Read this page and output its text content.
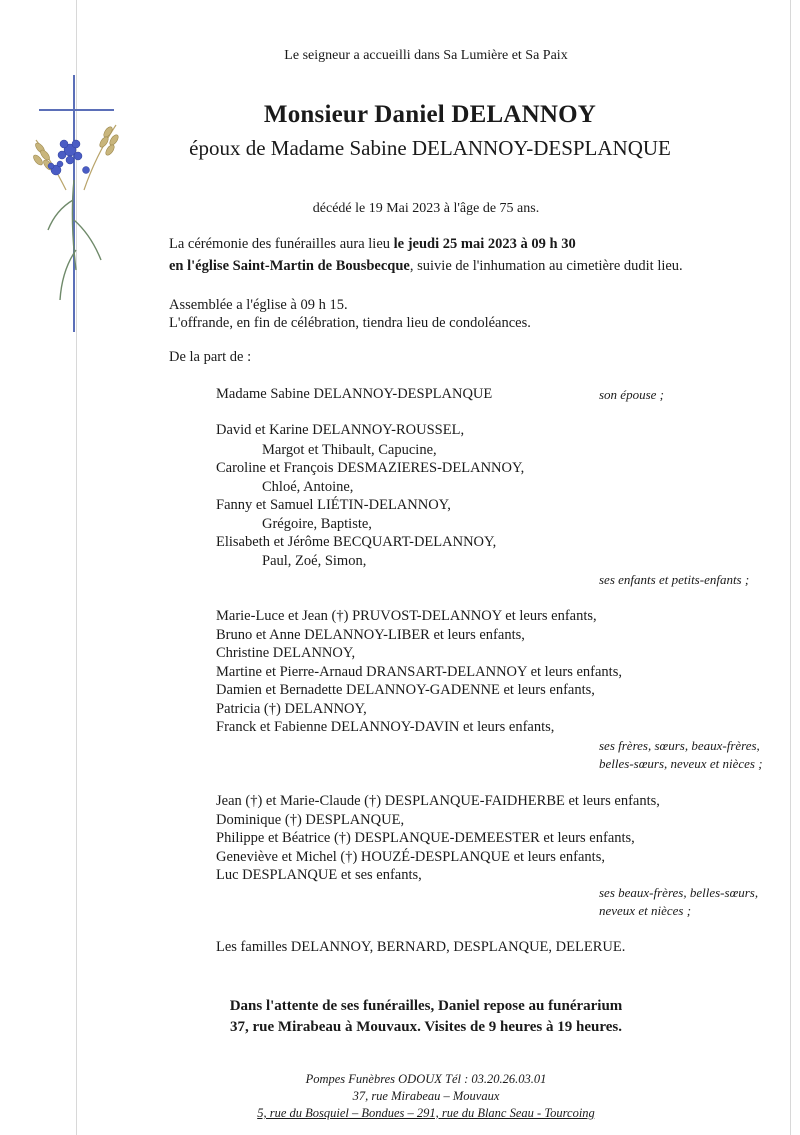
Le seigneur a accueilli dans Sa Lumière et Sa Paix
Monsieur Daniel DELANNOY
époux de Madame Sabine DELANNOY-DESPLANQUE
décédé le 19 Mai 2023 à l'âge de 75 ans.
La cérémonie des funérailles aura lieu le jeudi 25 mai 2023 à 09 h 30
en l'église Saint-Martin de Bousbecque, suivie de l'inhumation au cimetière dudit lieu.
Assemblée a l'église à 09 h 15.
L'offrande, en fin de célébration, tiendra lieu de condoléances.
De la part de :
Madame Sabine DELANNOY-DESPLANQUE	son épouse ;
David et Karine DELANNOY-ROUSSEL,
Margot et Thibault, Capucine,
Caroline et François DESMAZIERES-DELANNOY,
Chloé, Antoine,
Fanny et Samuel LIÉTIN-DELANNOY,
Grégoire, Baptiste,
Elisabeth et Jérôme BECQUART-DELANNOY,
Paul, Zoé, Simon,
ses enfants et petits-enfants ;
Marie-Luce et Jean (†) PRUVOST-DELANNOY et leurs enfants,
Bruno et Anne DELANNOY-LIBER et leurs enfants,
Christine DELANNOY,
Martine et Pierre-Arnaud DRANSART-DELANNOY et leurs enfants,
Damien et Bernadette DELANNOY-GADENNE et leurs enfants,
Patricia (†) DELANNOY,
Franck et Fabienne DELANNOY-DAVIN et leurs enfants,
ses frères, sœurs, beaux-frères,
belles-sœurs, neveux et nièces ;
Jean (†) et Marie-Claude (†) DESPLANQUE-FAIDHERBE et leurs enfants,
Dominique (†) DESPLANQUE,
Philippe et Béatrice (†) DESPLANQUE-DEMEESTER et leurs enfants,
Geneviève et Michel (†) HOUZÉ-DESPLANQUE et leurs enfants,
Luc DESPLANQUE et ses enfants,
ses beaux-frères, belles-sœurs,
neveux et nièces ;
Les familles DELANNOY, BERNARD, DESPLANQUE, DELERUE.
Dans l'attente de ses funérailles, Daniel repose au funérarium
37, rue Mirabeau à Mouvaux. Visites de 9 heures à 19 heures.
Pompes Funèbres ODOUX Tél : 03.20.26.03.01
37, rue Mirabeau – Mouvaux
5, rue du Bosquiel – Bondues – 291, rue du Blanc Seau - Tourcoing
